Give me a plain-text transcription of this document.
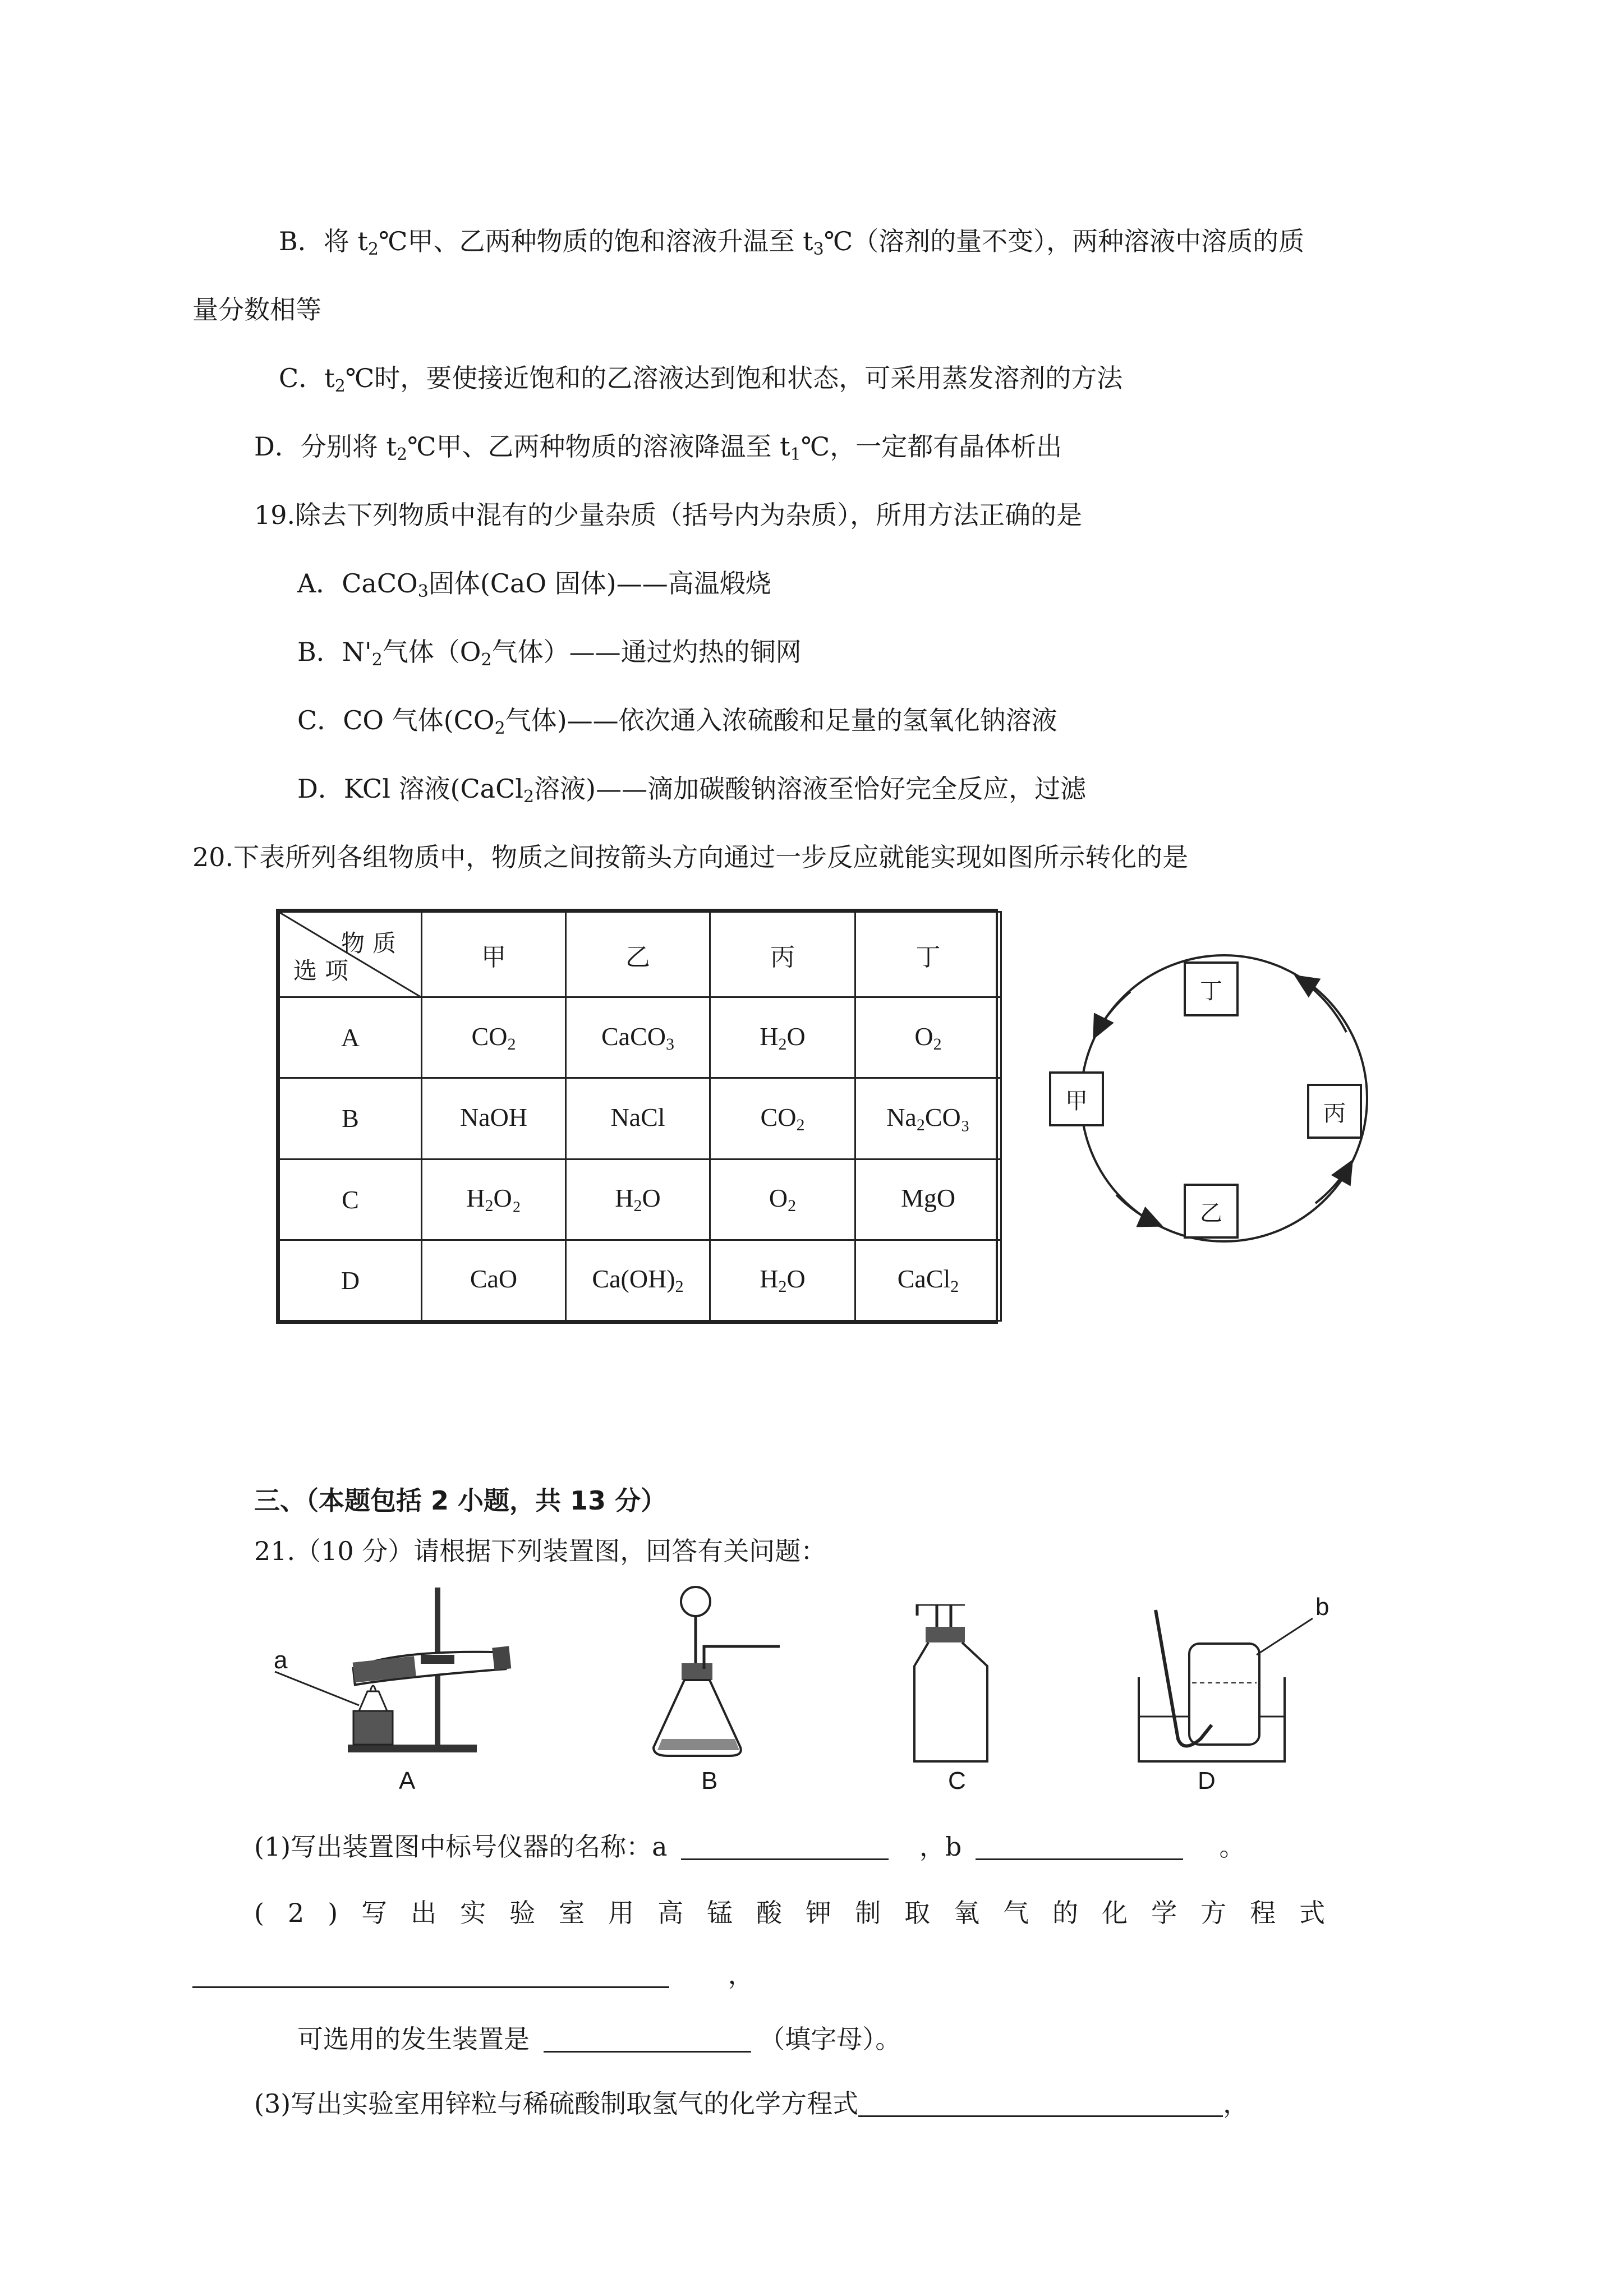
B．将 $t_2℃$甲、乙两种物质的饱和溶液升温至 $t_3℃$（溶剂的量不变），两种溶液中溶质的质
量分数相等
C．$t_2℃$时，要使接近饱和的乙溶液达到饱和状态，可采用蒸发溶剂的方法
D．分别将 $t_2℃$甲、乙两种物质的溶液降温至 $t_1℃$，一定都有晶体析出
19.除去下列物质中混有的少量杂质（括号内为杂质），所用方法正确的是
A．CaCO$_3$固体(CaO 固体)——高温煅烧
B．$N'_2$气体（$O_2$气体）——通过灼热的铜网
C．CO 气体($CO_2$气体)——依次通入浓硫酸和足量的氢氧化钠溶液
D．KCl 溶液(CaCl$_2$溶液)——滴加碳酸钠溶液至恰好完全反应，过滤
20.下表所列各组物质中，物质之间按箭头方向通过一步反应就能实现如图所示转化的是
物质
选项	甲	乙	丙	丁
A	$CO_2$	CaCO$_3$	$H_2O$	$O_2$
B	NaOH	NaCl	$CO_2$	$Na_2CO_3$
C	$H_2O_2$	$H_2O$	$O_2$	MgO
D	CaO	$Ca(OH)_2$	$H_2O$	CaCl$_2$
丁
甲	丙
乙
三、（本题包括 2 小题，共 13 分）
21.（10 分）请根据下列装置图，回答有关问题：
a
b
A	B	C	D
(1)写出装置图中标号仪器的名称：a	，b	。
(2)写出实验室用高锰酸钾制取氧气的化学方程式
，
可选用的发生装置是	（填字母）。
(3)写出实验室用锌粒与稀硫酸制取氢气的化学方程式	，
